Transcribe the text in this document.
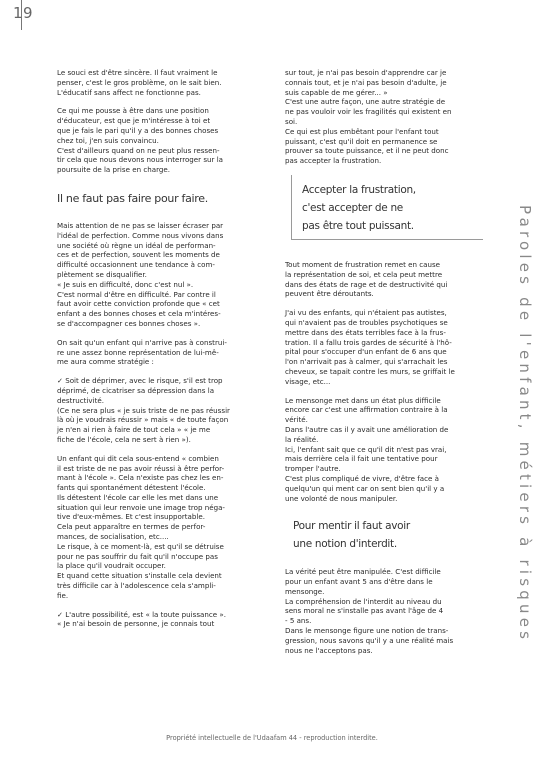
19
Le souci est d'être sincère. Il faut vraiment le
penser, c'est le gros problème, on le sait bien.
L'éducatif sans affect ne fonctionne pas.
Ce qui me pousse à être dans une position
d'éducateur, est que je m'intéresse à toi et
que je fais le pari qu'il y a des bonnes choses
chez toi, j'en suis convaincu.
C'est d'ailleurs quand on ne peut plus ressen-
tir cela que nous devons nous interroger sur la
poursuite de la prise en charge.
Il ne faut pas faire pour faire.
Mais attention de ne pas se laisser écraser par
l'idéal de perfection. Comme nous vivons dans
une société où règne un idéal de performan-
ces et de perfection, souvent les moments de
difficulté occasionnent une tendance à com-
plètement se disqualifier.
« Je suis en difficulté, donc c'est nul ».
C'est normal d'être en difficulté. Par contre il
faut avoir cette conviction profonde que « cet
enfant a des bonnes choses et cela m'intéres-
se d'accompagner ces bonnes choses ».
On sait qu'un enfant qui n'arrive pas à construi-
re une assez bonne représentation de lui-mê-
me aura comme stratégie :
✓ Soit de déprimer, avec le risque, s'il est trop
déprimé, de cicatriser sa dépression dans la
destructivité.
(Ce ne sera plus « je suis triste de ne pas réussir
là où je voudrais réussir » mais « de toute façon
je n'en ai rien à faire de tout cela » « je me
fiche de l'école, cela ne sert à rien »).
Un enfant qui dit cela sous-entend « combien
il est triste de ne pas avoir réussi à être perfor-
mant à l'école ». Cela n'existe pas chez les en-
fants qui spontanément détestent l'école.
Ils détestent l'école car elle les met dans une
situation qui leur renvoie une image trop néga-
tive d'eux-mêmes. Et c'est insupportable.
Cela peut apparaître en termes de perfor-
mances, de socialisation, etc....
Le risque, à ce moment-là, est qu'il se détruise
pour ne pas souffrir du fait qu'il n'occupe pas
la place qu'il voudrait occuper.
Et quand cette situation s'installe cela devient
très difficile car à l'adolescence cela s'ampli-
fie.
✓ L'autre possibilité, est « la toute puissance ».
« Je n'ai besoin de personne, je connais tout
sur tout, je n'ai pas besoin d'apprendre car je
connais tout, et je n'ai pas besoin d'adulte, je
suis capable de me gérer... »
C'est une autre façon, une autre stratégie de
ne pas vouloir voir les fragilités qui existent en
soi.
Ce qui est plus embêtant pour l'enfant tout
puissant, c'est qu'il doit en permanence se
prouver sa toute puissance, et il ne peut donc
pas accepter la frustration.
Accepter la frustration,
c'est accepter de ne
pas être tout puissant.
Tout moment de frustration remet en cause
la représentation de soi, et cela peut mettre
dans des états de rage et de destructivité qui
peuvent être déroutants.
J'ai vu des enfants, qui n'étaient pas autistes,
qui n'avaient pas de troubles psychotiques se
mettre dans des états terribles face à la frus-
tration. Il a fallu trois gardes de sécurité à l'hô-
pital pour s'occuper d'un enfant de 6 ans que
l'on n'arrivait pas à calmer, qui s'arrachait les
cheveux, se tapait contre les murs, se griffait le
visage, etc...
Le mensonge met dans un état plus difficile
encore car c'est une affirmation contraire à la
vérité.
Dans l'autre cas il y avait une amélioration de
la réalité.
Ici, l'enfant sait que ce qu'il dit n'est pas vrai,
mais derrière cela il fait une tentative pour
tromper l'autre.
C'est plus compliqué de vivre, d'être face à
quelqu'un qui ment car on sent bien qu'il y a
une volonté de nous manipuler.
Pour mentir il faut avoir
une notion d'interdit.
La vérité peut être manipulée. C'est difficile
pour un enfant avant 5 ans d'être dans le
mensonge.
La compréhension de l'interdit au niveau du
sens moral ne s'installe pas avant l'âge de 4
- 5 ans.
Dans le mensonge figure une notion de trans-
gression, nous savons qu'il y a une réalité mais
nous ne l'acceptons pas.
Paroles de l'enfant, métiers à risques
Propriété intellectuelle de l'Udaafam 44 - reproduction interdite.
